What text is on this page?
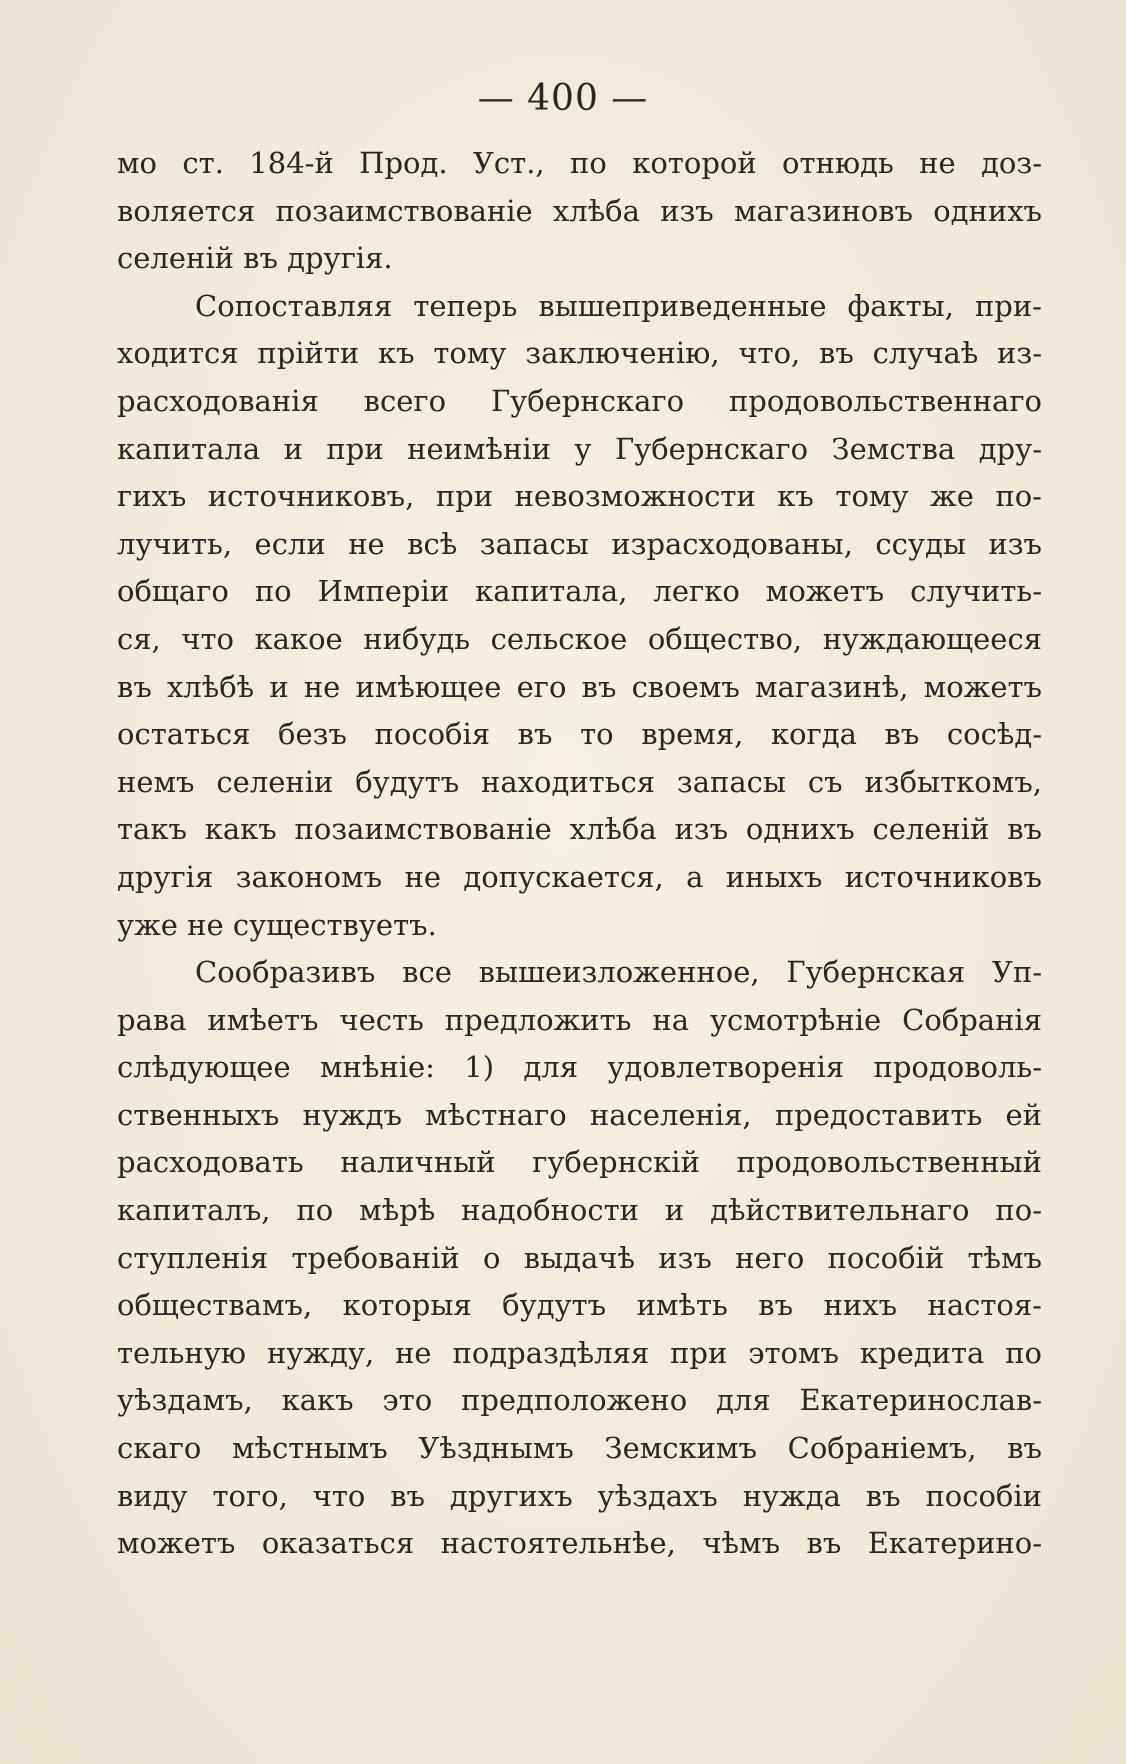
— 400 —
мо ст. 184-й Прод. Уст., по которой отнюдь не доз-
воляется позаимствованіе хлѣба изъ магазиновъ однихъ
селеній въ другія.
Сопоставляя теперь вышеприведенные факты, при-
ходится прійти къ тому заключенію, что, въ случаѣ из-
расходованія всего Губернскаго продовольственнаго
капитала и при неимѣніи у Губернскаго Земства дру-
гихъ источниковъ, при невозможности къ тому же по-
лучить, если не всѣ запасы израсходованы, ссуды изъ
общаго по Имперіи капитала, легко можетъ случить-
ся, что какое нибудь сельское общество, нуждающееся
въ хлѣбѣ и не имѣющее его въ своемъ магазинѣ, можетъ
остаться безъ пособія въ то время, когда въ сосѣд-
немъ селеніи будутъ находиться запасы съ избыткомъ,
такъ какъ позаимствованіе хлѣба изъ однихъ селеній въ
другія закономъ не допускается, а иныхъ источниковъ
уже не существуетъ.
Сообразивъ все вышеизложенное, Губернская Уп-
рава имѣетъ честь предложить на усмотрѣніе Собранія
слѣдующее мнѣніе: 1) для удовлетворенія продоволь-
ственныхъ нуждъ мѣстнаго населенія, предоставить ей
расходовать наличный губернскій продовольственный
капиталъ, по мѣрѣ надобности и дѣйствительнаго по-
ступленія требованій о выдачѣ изъ него пособій тѣмъ
обществамъ, которыя будутъ имѣть въ нихъ настоя-
тельную нужду, не подраздѣляя при этомъ кредита по
уѣздамъ, какъ это предположено для Екатеринослав-
скаго мѣстнымъ Уѣзднымъ Земскимъ Собраніемъ, въ
виду того, что въ другихъ уѣздахъ нужда въ пособіи
можетъ оказаться настоятельнѣе, чѣмъ въ Екатерино-
